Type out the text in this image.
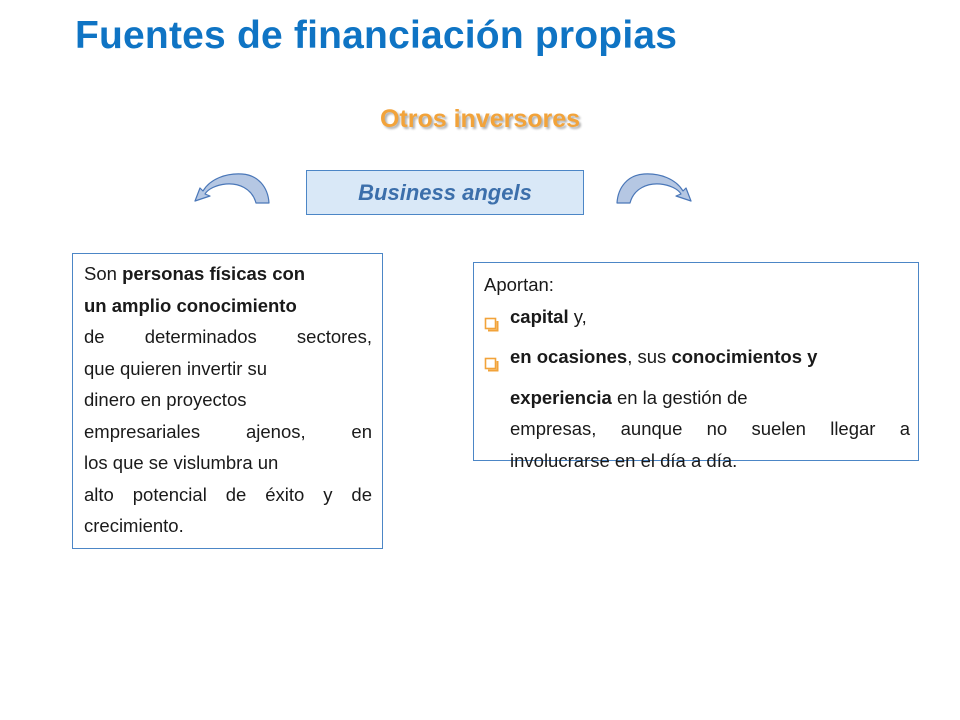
Fuentes de financiación propias
Otros inversores
Business angels
Son personas físicas con
un amplio conocimiento
de determinados sectores,
que quieren invertir su
dinero en proyectos
empresariales ajenos, en
los que se vislumbra un
alto potencial de éxito y de
crecimiento.
Aportan:
capital y,
en ocasiones, sus conocimientos y
experiencia en la gestión de
empresas, aunque no suelen llegar a
involucrarse en el día a día.
